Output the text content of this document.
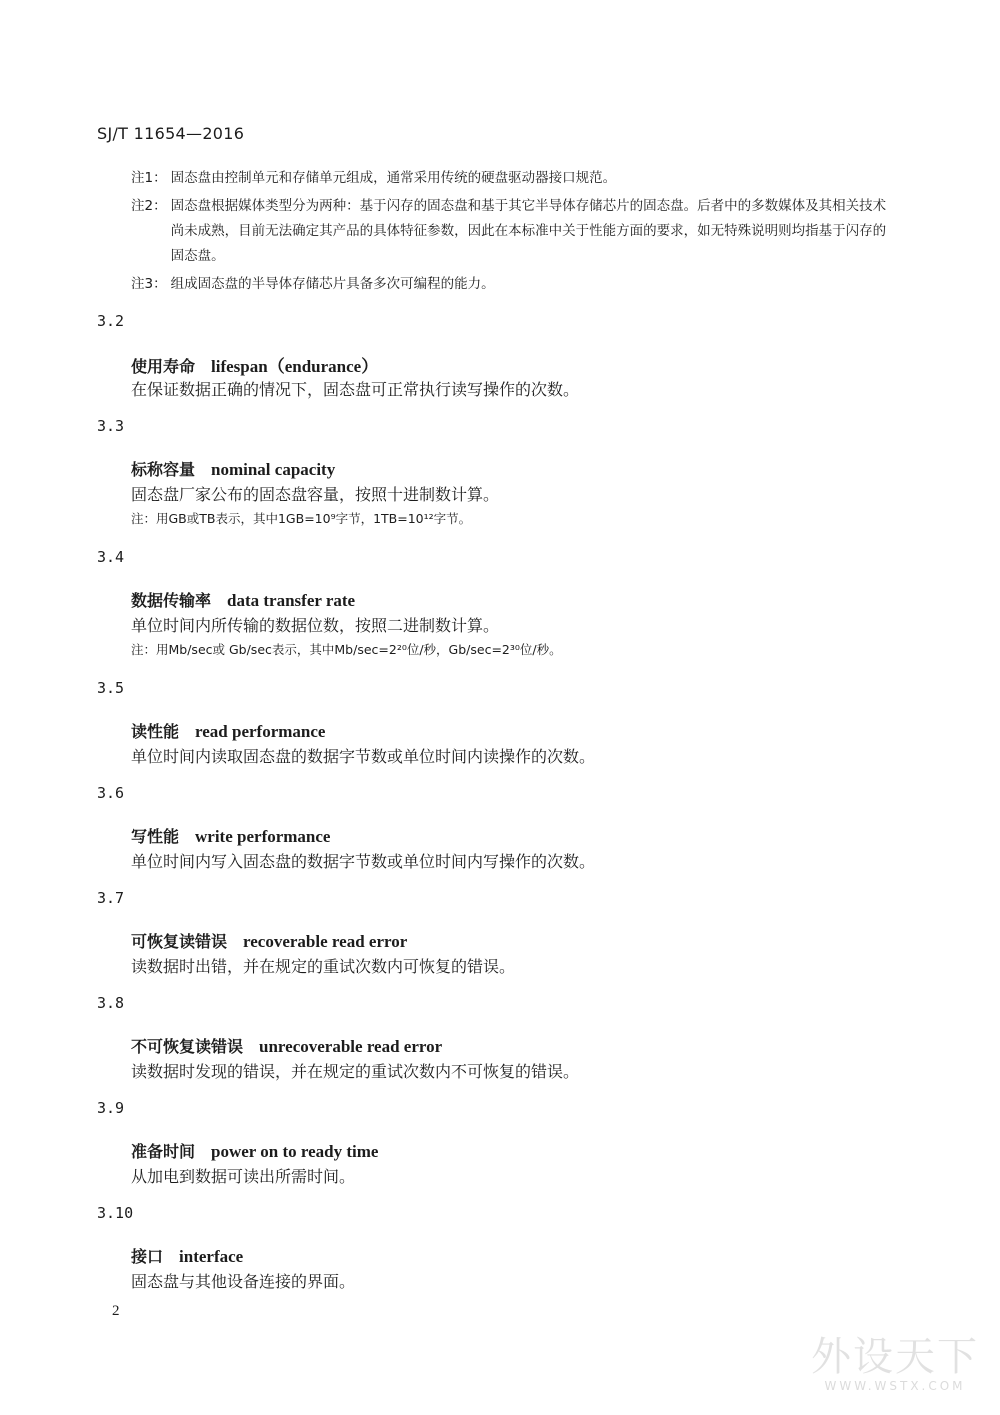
SJ/T 11654—2016
注1： 固态盘由控制单元和存储单元组成，通常采用传统的硬盘驱动器接口规范。
注2： 固态盘根据媒体类型分为两种：基于闪存的固态盘和基于其它半导体存储芯片的固态盘。后者中的多数媒体及其相关技术尚未成熟，目前无法确定其产品的具体特征参数，因此在本标准中关于性能方面的要求，如无特殊说明则均指基于闪存的固态盘。
注3： 组成固态盘的半导体存储芯片具备多次可编程的能力。
3.2
使用寿命 lifespan（endurance）
在保证数据正确的情况下，固态盘可正常执行读写操作的次数。
3.3
标称容量 nominal capacity
固态盘厂家公布的固态盘容量，按照十进制数计算。
注：用GB或TB表示，其中1GB=10⁹字节，1TB=10¹²字节。
3.4
数据传输率 data transfer rate
单位时间内所传输的数据位数，按照二进制数计算。
注：用Mb/sec或 Gb/sec表示，其中Mb/sec=2²⁰位/秒，Gb/sec=2³⁰位/秒。
3.5
读性能 read performance
单位时间内读取固态盘的数据字节数或单位时间内读操作的次数。
3.6
写性能 write performance
单位时间内写入固态盘的数据字节数或单位时间内写操作的次数。
3.7
可恢复读错误 recoverable read error
读数据时出错，并在规定的重试次数内可恢复的错误。
3.8
不可恢复读错误 unrecoverable read error
读数据时发现的错误，并在规定的重试次数内不可恢复的错误。
3.9
准备时间 power on to ready time
从加电到数据可读出所需时间。
3.10
接口 interface
固态盘与其他设备连接的界面。
2
外设天下
WWW.WSTX.COM
